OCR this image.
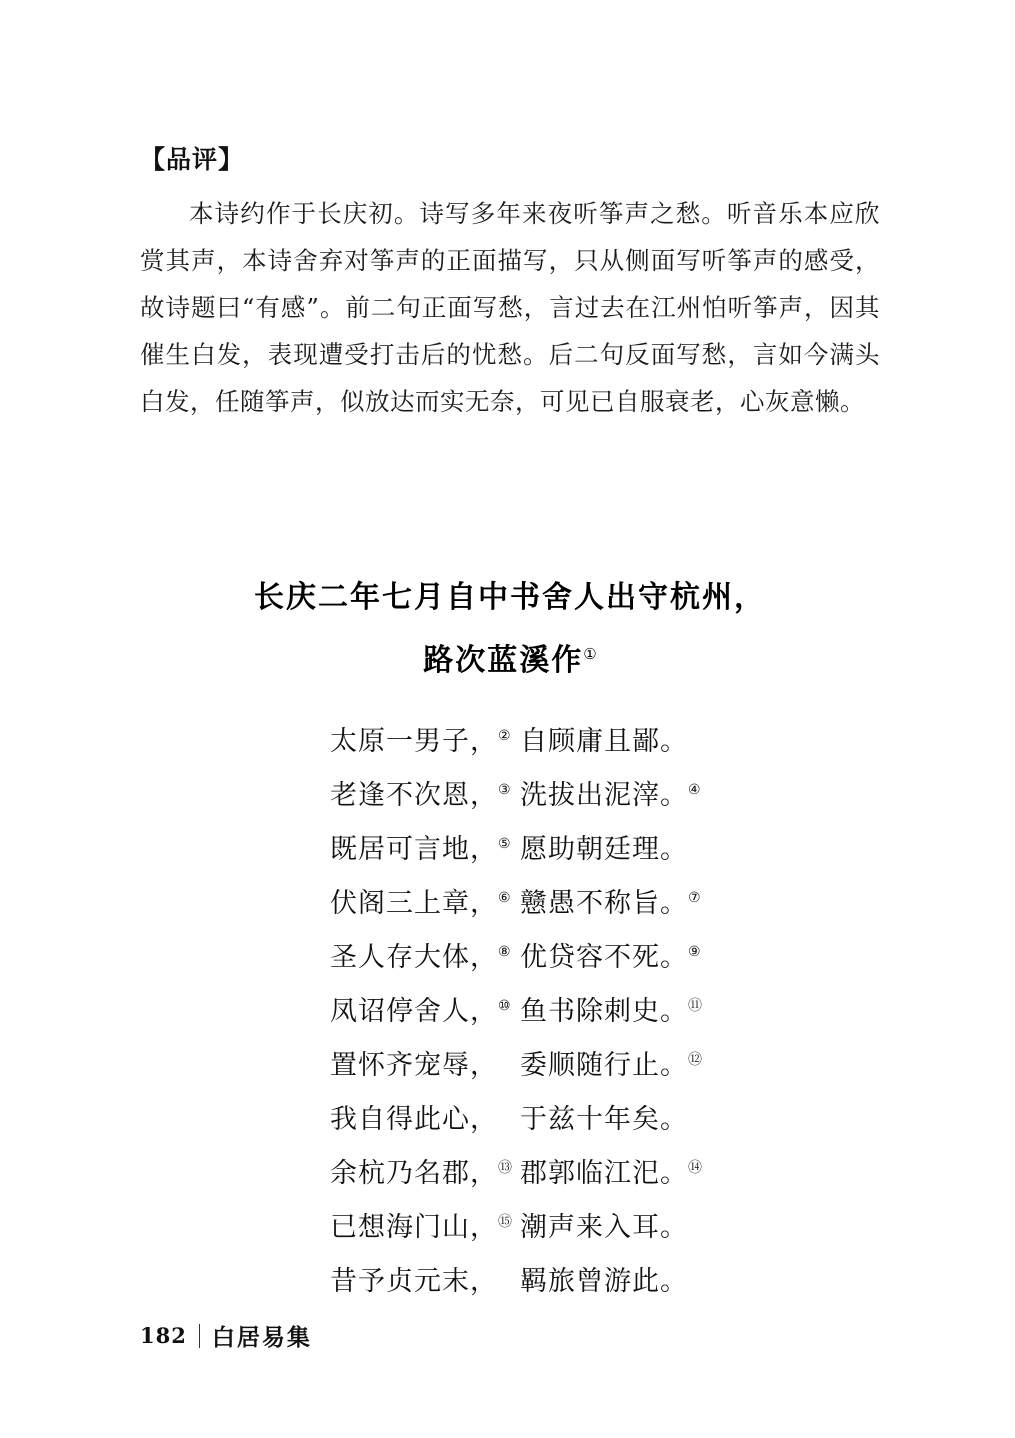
【品评】
本诗约作于长庆初。诗写多年来夜听筝声之愁。听音乐本应欣赏其声，本诗舍弃对筝声的正面描写，只从侧面写听筝声的感受，故诗题曰“有感”。前二句正面写愁，言过去在江州怕听筝声，因其催生白发，表现遭受打击后的忧愁。后二句反面写愁，言如今满头白发，任随筝声，似放达而实无奈，可见已自服衰老，心灰意懒。
长庆二年七月自中书舍人出守杭州，
路次蓝溪作①
太原一男子，② 自顾庸且鄙。
老逢不次恩，③ 洗拔出泥滓。④
既居可言地，⑤ 愿助朝廷理。
伏阁三上章，⑥ 戆愚不称旨。⑦
圣人存大体，⑧ 优贷容不死。⑨
凤诏停舍人，⑩ 鱼书除刺史。⑪
置怀齐宠辱， 委顺随行止。⑫
我自得此心， 于兹十年矣。
余杭乃名郡，⑬ 郡郭临江汜。⑭
已想海门山，⑮ 潮声来入耳。
昔予贞元末， 羁旅曾游此。
182 白居易集
